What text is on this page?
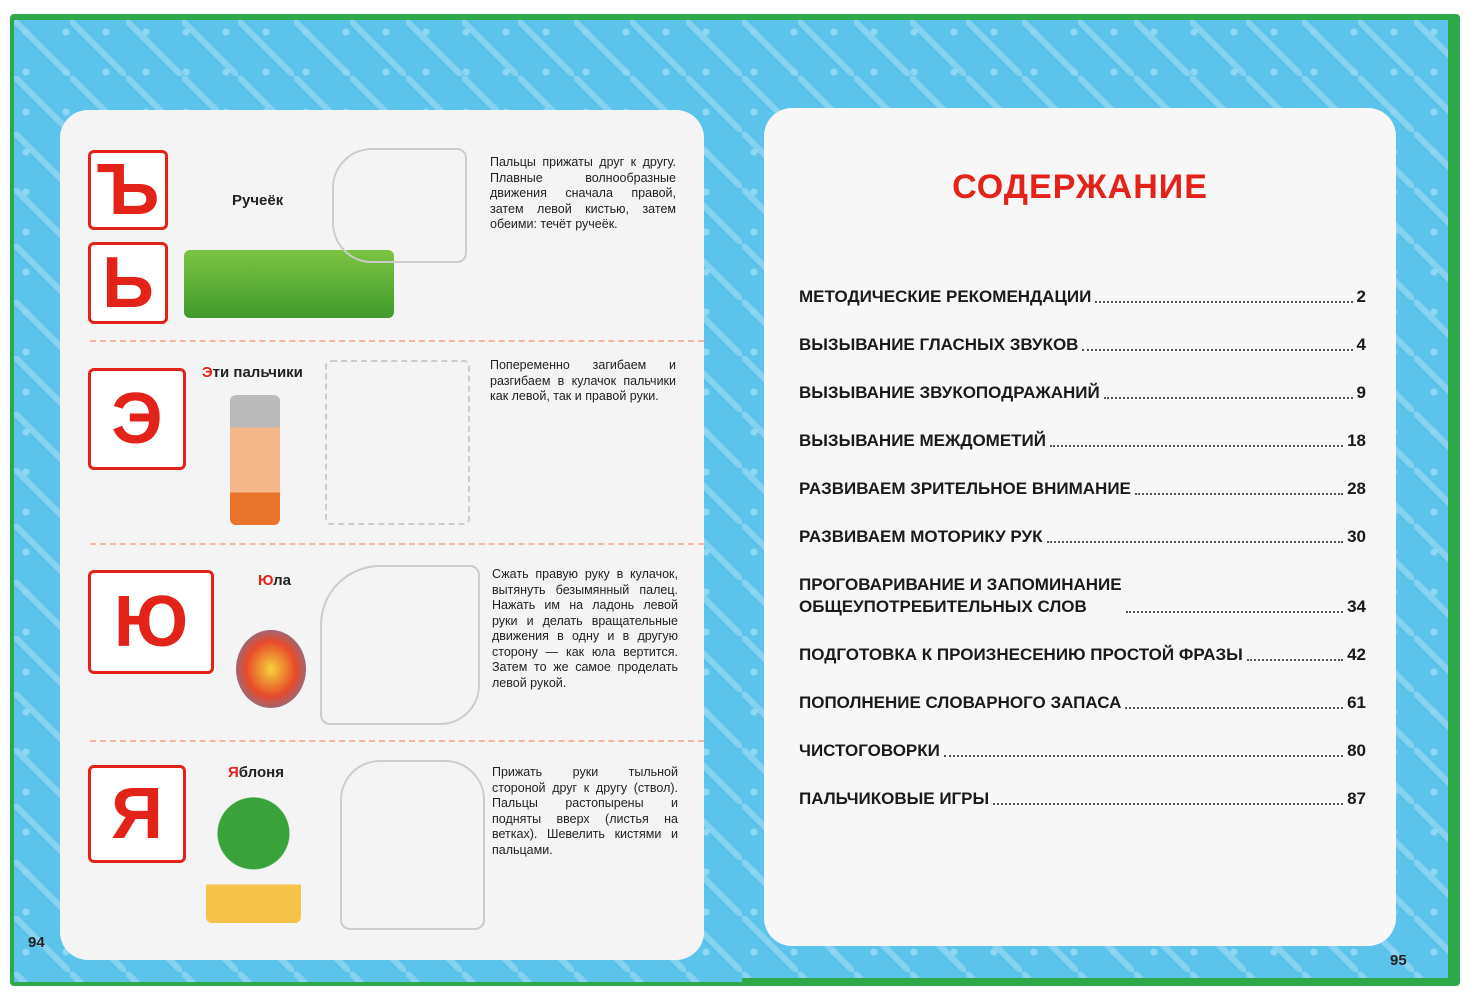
Ъ
Ь
Ручеёк
Пальцы прижаты друг к другу. Плавные волнообразные движения сначала правой, затем левой кистью, затем обеими: течёт ручеёк.
Э
Эти пальчики	Попеременно загибаем и разгибаем в кулачок пальчики как левой, так и правой руки.
Ю
Юла	Сжать правую руку в кулачок, вытянуть безымянный палец. Нажать им на ладонь левой руки и делать вращательные движения в одну и в другую сторону — как юла вертится. Затем то же самое проделать левой рукой.
Я
Яблоня	Прижать руки тыльной стороной друг к другу (ствол). Пальцы растопырены и подняты вверх (листья на ветках). Шевелить кистями и пальцами.
94
СОДЕРЖАНИЕ
МЕТОДИЧЕСКИЕ РЕКОМЕНДАЦИИ	2
ВЫЗЫВАНИЕ ГЛАСНЫХ ЗВУКОВ	4
ВЫЗЫВАНИЕ ЗВУКОПОДРАЖАНИЙ	9
ВЫЗЫВАНИЕ МЕЖДОМЕТИЙ	18
РАЗВИВАЕМ ЗРИТЕЛЬНОЕ ВНИМАНИЕ	28
РАЗВИВАЕМ МОТОРИКУ РУК	30
ПРОГОВАРИВАНИЕ И ЗАПОМИНАНИЕ
ОБЩЕУПОТРЕБИТЕЛЬНЫХ СЛОВ	34
ПОДГОТОВКА К ПРОИЗНЕСЕНИЮ ПРОСТОЙ ФРАЗЫ	42
ПОПОЛНЕНИЕ СЛОВАРНОГО ЗАПАСА	61
ЧИСТОГОВОРКИ	80
ПАЛЬЧИКОВЫЕ ИГРЫ	87
95
